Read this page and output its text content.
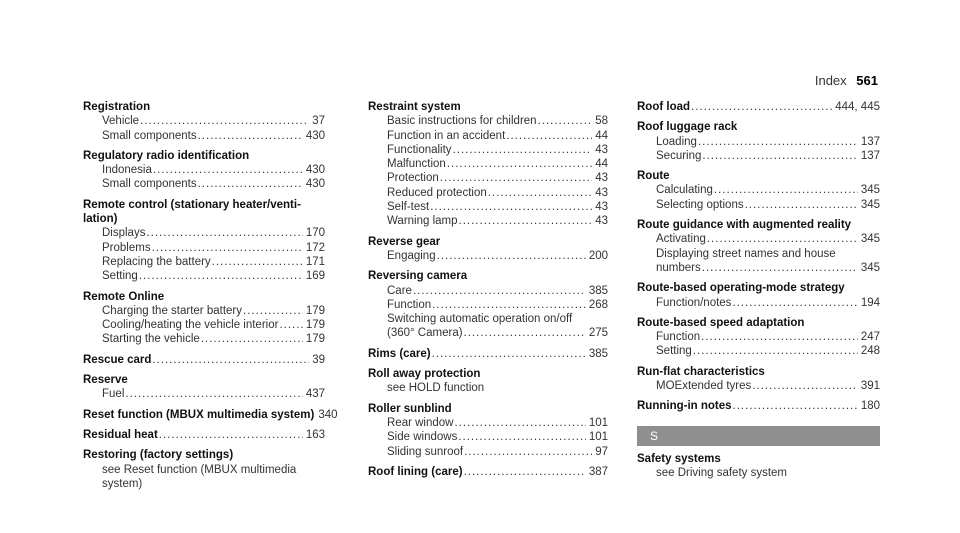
Index 561
Registration
Vehicle .....	37
Small components .....	430
Regulatory radio identification
Indonesia .....	430
Small components .....	430
Remote control (stationary heater/venti-lation)
Displays .....	170
Problems .....	172
Replacing the battery .....	171
Setting .....	169
Remote Online
Charging the starter battery .....	179
Cooling/heating the vehicle interior ..... 179
Starting the vehicle .....	179
Rescue card .....	39
Reserve
Fuel .....	437
Reset function (MBUX multimedia system) 340
Residual heat .....	163
Restoring (factory settings)
see Reset function (MBUX multimedia system)
Restraint system
Basic instructions for children .....	58
Function in an accident .....	44
Functionality .....	43
Malfunction .....	44
Protection .....	43
Reduced protection .....	43
Self-test .....	43
Warning lamp .....	43
Reverse gear
Engaging .....	200
Reversing camera
Care .....	385
Function .....	268
Switching automatic operation on/off
(360° Camera) .....	275
Rims (care) .....	385
Roll away protection
see HOLD function
Roller sunblind
Rear window .....	101
Side windows .....	101
Sliding sunroof .....	97
Roof lining (care) .....	387
Roof load .....	444, 445
Roof luggage rack
Loading .....	137
Securing .....	137
Route
Calculating .....	345
Selecting options .....	345
Route guidance with augmented reality
Activating .....	345
Displaying street names and house
numbers .....	345
Route-based operating-mode strategy
Function/notes .....	194
Route-based speed adaptation
Function .....	247
Setting .....	248
Run-flat characteristics
MOExtended tyres .....	391
Running-in notes .....	180
S
Safety systems
see Driving safety system
